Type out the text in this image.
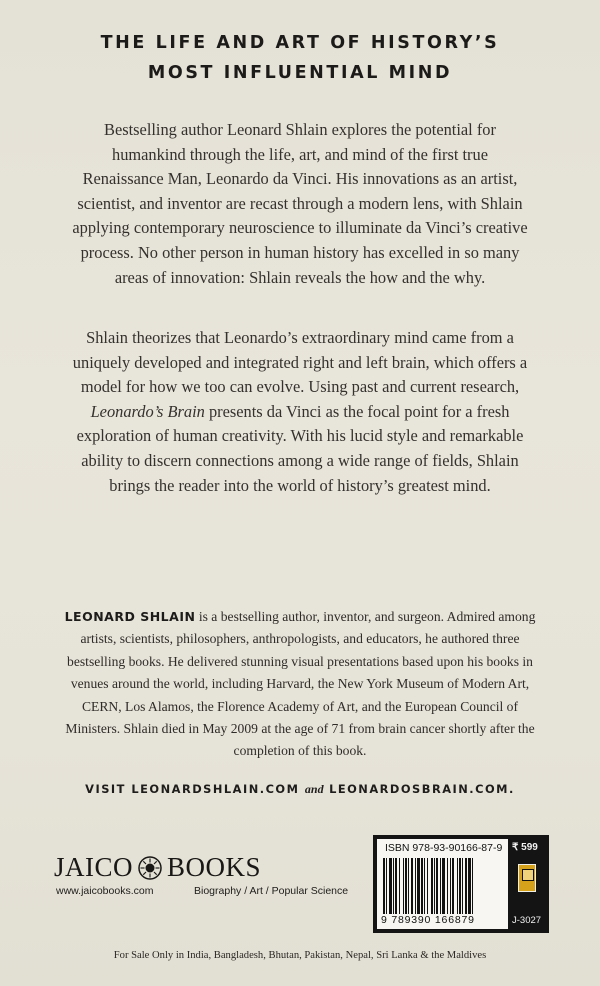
THE LIFE AND ART OF HISTORY’S
MOST INFLUENTIAL MIND
Bestselling author Leonard Shlain explores the potential for
humankind through the life, art, and mind of the first true
Renaissance Man, Leonardo da Vinci. His innovations as an artist,
scientist, and inventor are recast through a modern lens, with Shlain
applying contemporary neuroscience to illuminate da Vinci’s creative
process. No other person in human history has excelled in so many
areas of innovation: Shlain reveals the how and the why.
Shlain theorizes that Leonardo’s extraordinary mind came from a
uniquely developed and integrated right and left brain, which offers a
model for how we too can evolve. Using past and current research,
Leonardo’s Brain presents da Vinci as the focal point for a fresh
exploration of human creativity. With his lucid style and remarkable
ability to discern connections among a wide range of fields, Shlain
brings the reader into the world of history’s greatest mind.
LEONARD SHLAIN is a bestselling author, inventor, and surgeon. Admired among
artists, scientists, philosophers, anthropologists, and educators, he authored three
bestselling books. He delivered stunning visual presentations based upon his books in
venues around the world, including Harvard, the New York Museum of Modern Art,
CERN, Los Alamos, the Florence Academy of Art, and the European Council of
Ministers. Shlain died in May 2009 at the age of 71 from brain cancer shortly after the
completion of this book.
VISIT LEONARDSHLAIN.COM and LEONARDOSBRAIN.COM.
JAICO BOOKS
www.jaicobooks.com	Biography / Art / Popular Science
ISBN 978-93-90166-87-9
9 789390 166879
₹ 599
J-3027
For Sale Only in India, Bangladesh, Bhutan, Pakistan, Nepal, Sri Lanka & the Maldives
